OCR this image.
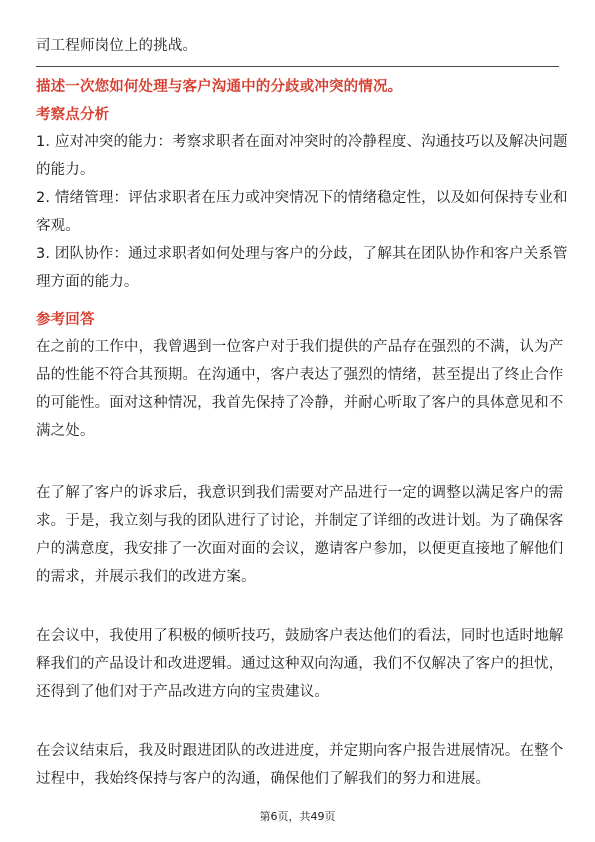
司工程师岗位上的挑战。
描述一次您如何处理与客户沟通中的分歧或冲突的情况。
考察点分析
1. 应对冲突的能力：考察求职者在面对冲突时的冷静程度、沟通技巧以及解决问题
的能力。
2. 情绪管理：评估求职者在压力或冲突情况下的情绪稳定性，以及如何保持专业和
客观。
3. 团队协作：通过求职者如何处理与客户的分歧，了解其在团队协作和客户关系管
理方面的能力。
参考回答
在之前的工作中，我曾遇到一位客户对于我们提供的产品存在强烈的不满，认为产
品的性能不符合其预期。在沟通中，客户表达了强烈的情绪，甚至提出了终止合作
的可能性。面对这种情况，我首先保持了冷静，并耐心听取了客户的具体意见和不
满之处。
在了解了客户的诉求后，我意识到我们需要对产品进行一定的调整以满足客户的需
求。于是，我立刻与我的团队进行了讨论，并制定了详细的改进计划。为了确保客
户的满意度，我安排了一次面对面的会议，邀请客户参加，以便更直接地了解他们
的需求，并展示我们的改进方案。
在会议中，我使用了积极的倾听技巧，鼓励客户表达他们的看法，同时也适时地解
释我们的产品设计和改进逻辑。通过这种双向沟通，我们不仅解决了客户的担忧，
还得到了他们对于产品改进方向的宝贵建议。
在会议结束后，我及时跟进团队的改进进度，并定期向客户报告进展情况。在整个
过程中，我始终保持与客户的沟通，确保他们了解我们的努力和进展。
第6页，共49页
